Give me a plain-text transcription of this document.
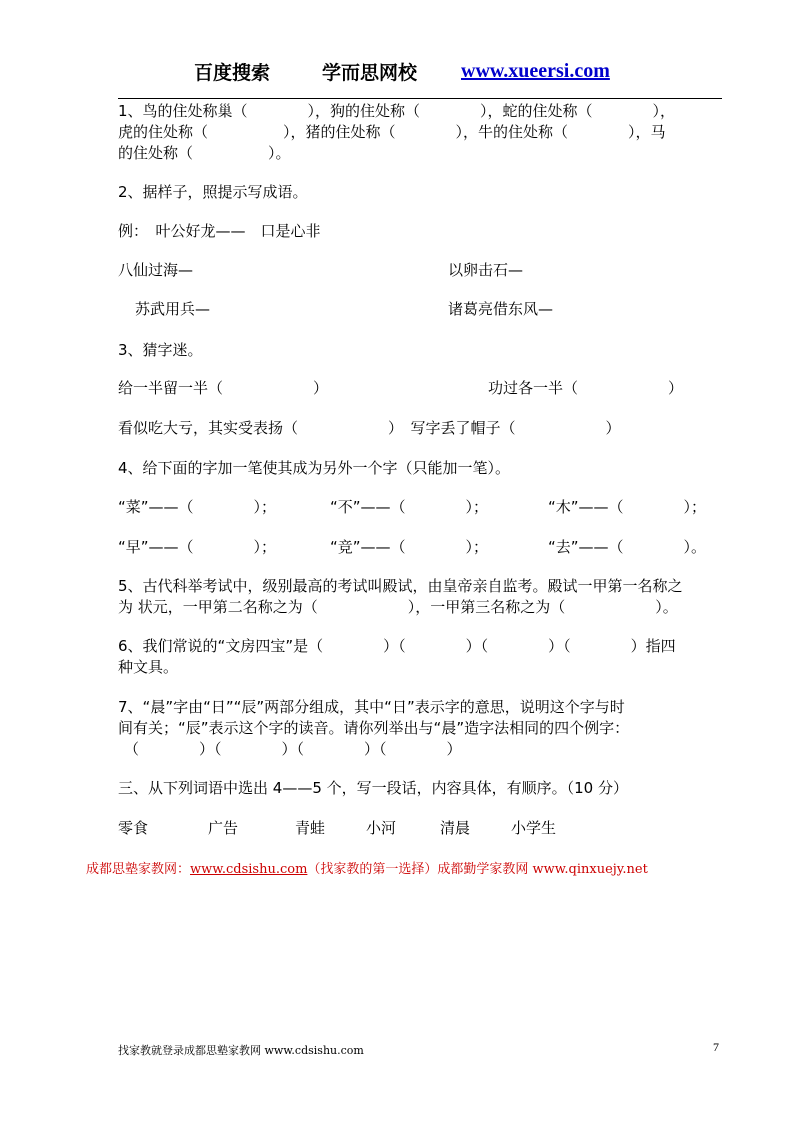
百度搜索	学而思网校 www.xueersi.com
1、鸟的住处称巢（　　　　），狗的住处称（　　　　），蛇的住处称（　　　　），
虎的住处称（　　　　　），猪的住处称（　　　　），牛的住处称（　　　　），马
的住处称（　　　　　）。
2、据样子，照提示写成语。
例：　叶公好龙——　口是心非
八仙过海—	以卵击石—
苏武用兵—	诸葛亮借东风—
3、猜字迷。
给一半留一半（　　　　　　）	功过各一半（　　　　　　）
看似吃大亏，其实受表扬（　　　　　　）　写字丢了帽子（　　　　　　）
4、给下面的字加一笔使其成为另外一个字（只能加一笔）。
“菜”——（　　　　）；	“不”——（　　　　）；	“木”——（　　　　）；
“早”——（　　　　）；	“竞”——（　　　　）；	“去”——（　　　　）。
5、古代科举考试中，级别最高的考试叫殿试，由皇帝亲自监考。殿试一甲第一名称之
为 状元，一甲第二名称之为（　　　　　　），一甲第三名称之为（　　　　　　）。
6、我们常说的“文房四宝”是（　　　　）（　　　　）（　　　　）（　　　　）指四
种文具。
7、“晨”字由“日”“辰”两部分组成，其中“日”表示字的意思，说明这个字与时
间有关；“辰”表示这个字的读音。请你列举出与“晨”造字法相同的四个例字：
（　　　　）（　　　　）（　　　　）（　　　　）
三、从下列词语中选出 4——5 个，写一段话，内容具体，有顺序。（10 分）
零食	广告	青蛙	小河	清晨	小学生
成都思塾家教网：www.cdsishu.com（找家教的第一选择）成都勤学家教网 www.qinxuejy.net
找家教就登录成都思塾家教网 www.cdsishu.com	7
